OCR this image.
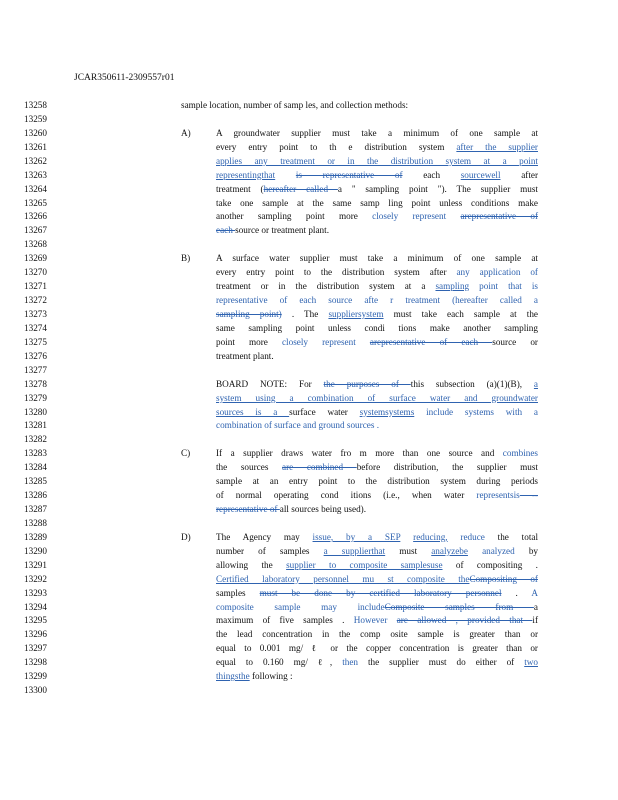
JCAR350611-2309557r01
13258
13259
13260
13261
13262
13263
13264
13265
13266
13267
13268
13269
13270
13271
13272
13273
13274
13275
13276
13277
13278
13279
13280
13281
13282
13283
13284
13285
13286
13287
13288
13289
13290
13291
13292
13293
13294
13295
13296
13297
13298
13299
13300
sample location, number of samp les, and collection methods:
A)	A groundwater supplier must take a minimum of one sample at
every entry point to th e distribution system after the supplier
applies any treatment or in the distribution system at a point
representingthat is representative of each sourcewell after
treatment (hereafter called a " sampling point "). The supplier must
take one sample at the same samp ling point unless conditions make
another sampling point more closely represent arepresentative of
each source or treatment plant.
B)	A surface water supplier must take a minimum of one sample at
every entry point to the distribution system after any application of
treatment or in the distribution system at a sampling point that is
representative of each source afte r treatment (hereafter called a
sampling point) . The suppliersystem must take each sample at the
same sampling point unless condi tions make another sampling
point more closely represent arepresentative of each source or
treatment plant.
BOARD NOTE: For the purposes of this subsection (a)(1)(B), a
system using a combination of surface water and groundwater
sources is a surface water systemsystems include systems with a
combination of surface and ground sources .
C)	If a supplier draws water fro m more than one source and combines
the sources are combined before distribution, the supplier must
sample at an entry point to the distribution system during periods
of normal operating cond itions (i.e., when water representsis --
representative of all sources being used).
D)	The Agency may issue, by a SEP reducing, reduce the total
number of samples a supplierthat must analyzebe analyzed by
allowing the supplier to composite samplesuse of compositing .
Certified laboratory personnel mu st composite theCompositing of
samples must be done by certified laboratory personnel . A
composite sample may includeComposite samples from a
maximum of five samples . However are allowed , provided that if
the lead concentration in the comp osite sample is greater than or
equal to 0.001 mg/ ℓ or the copper concentration is greater than or
equal to 0.160 mg/ ℓ, then the supplier must do either of two
thingsthe following :
